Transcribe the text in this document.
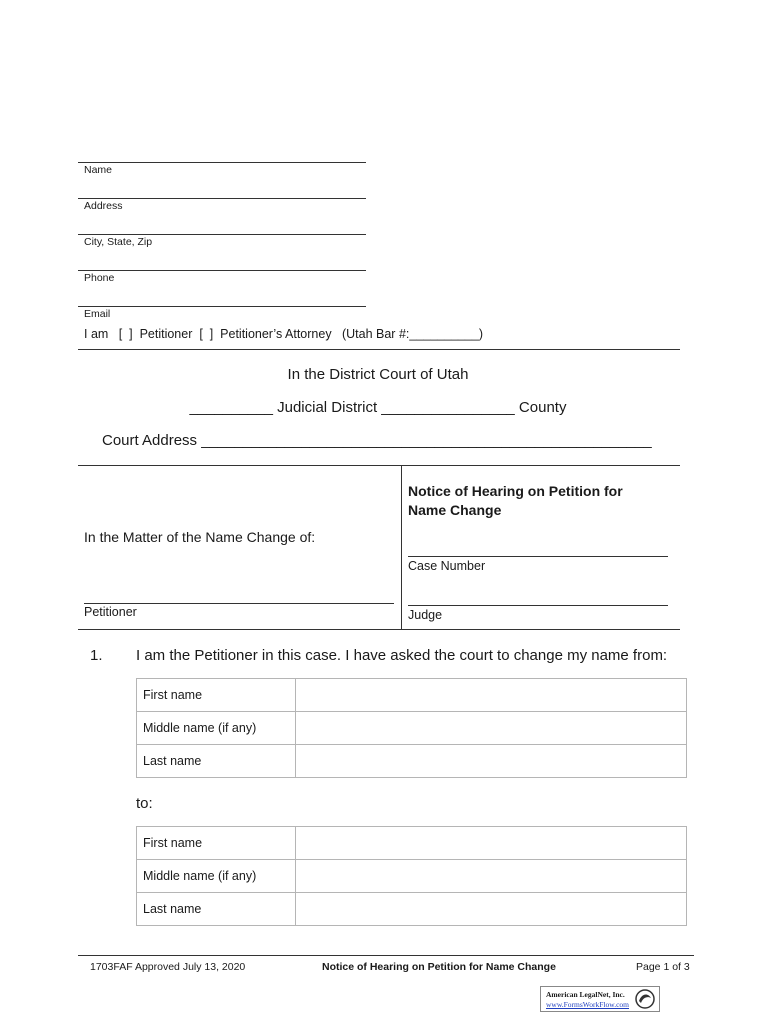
Name
Address
City, State, Zip
Phone
Email
I am   [  ]  Petitioner  [  ]  Petitioner’s Attorney   (Utah Bar #:__________)
In the District Court of Utah
__________ Judicial District ________________ County
Court Address ______________________________________________________
In the Matter of the Name Change of:
Petitioner
Notice of Hearing on Petition for
Name Change
Case Number
Judge
1. I am the Petitioner in this case. I have asked the court to change my name from:
First name	
Middle name (if any)	
Last name	
to:
First name	
Middle name (if any)	
Last name	
1703FAF Approved July 13, 2020	Notice of Hearing on Petition for Name Change	Page 1 of 3
American LegalNet, Inc.
www.FormsWorkFlow.com
